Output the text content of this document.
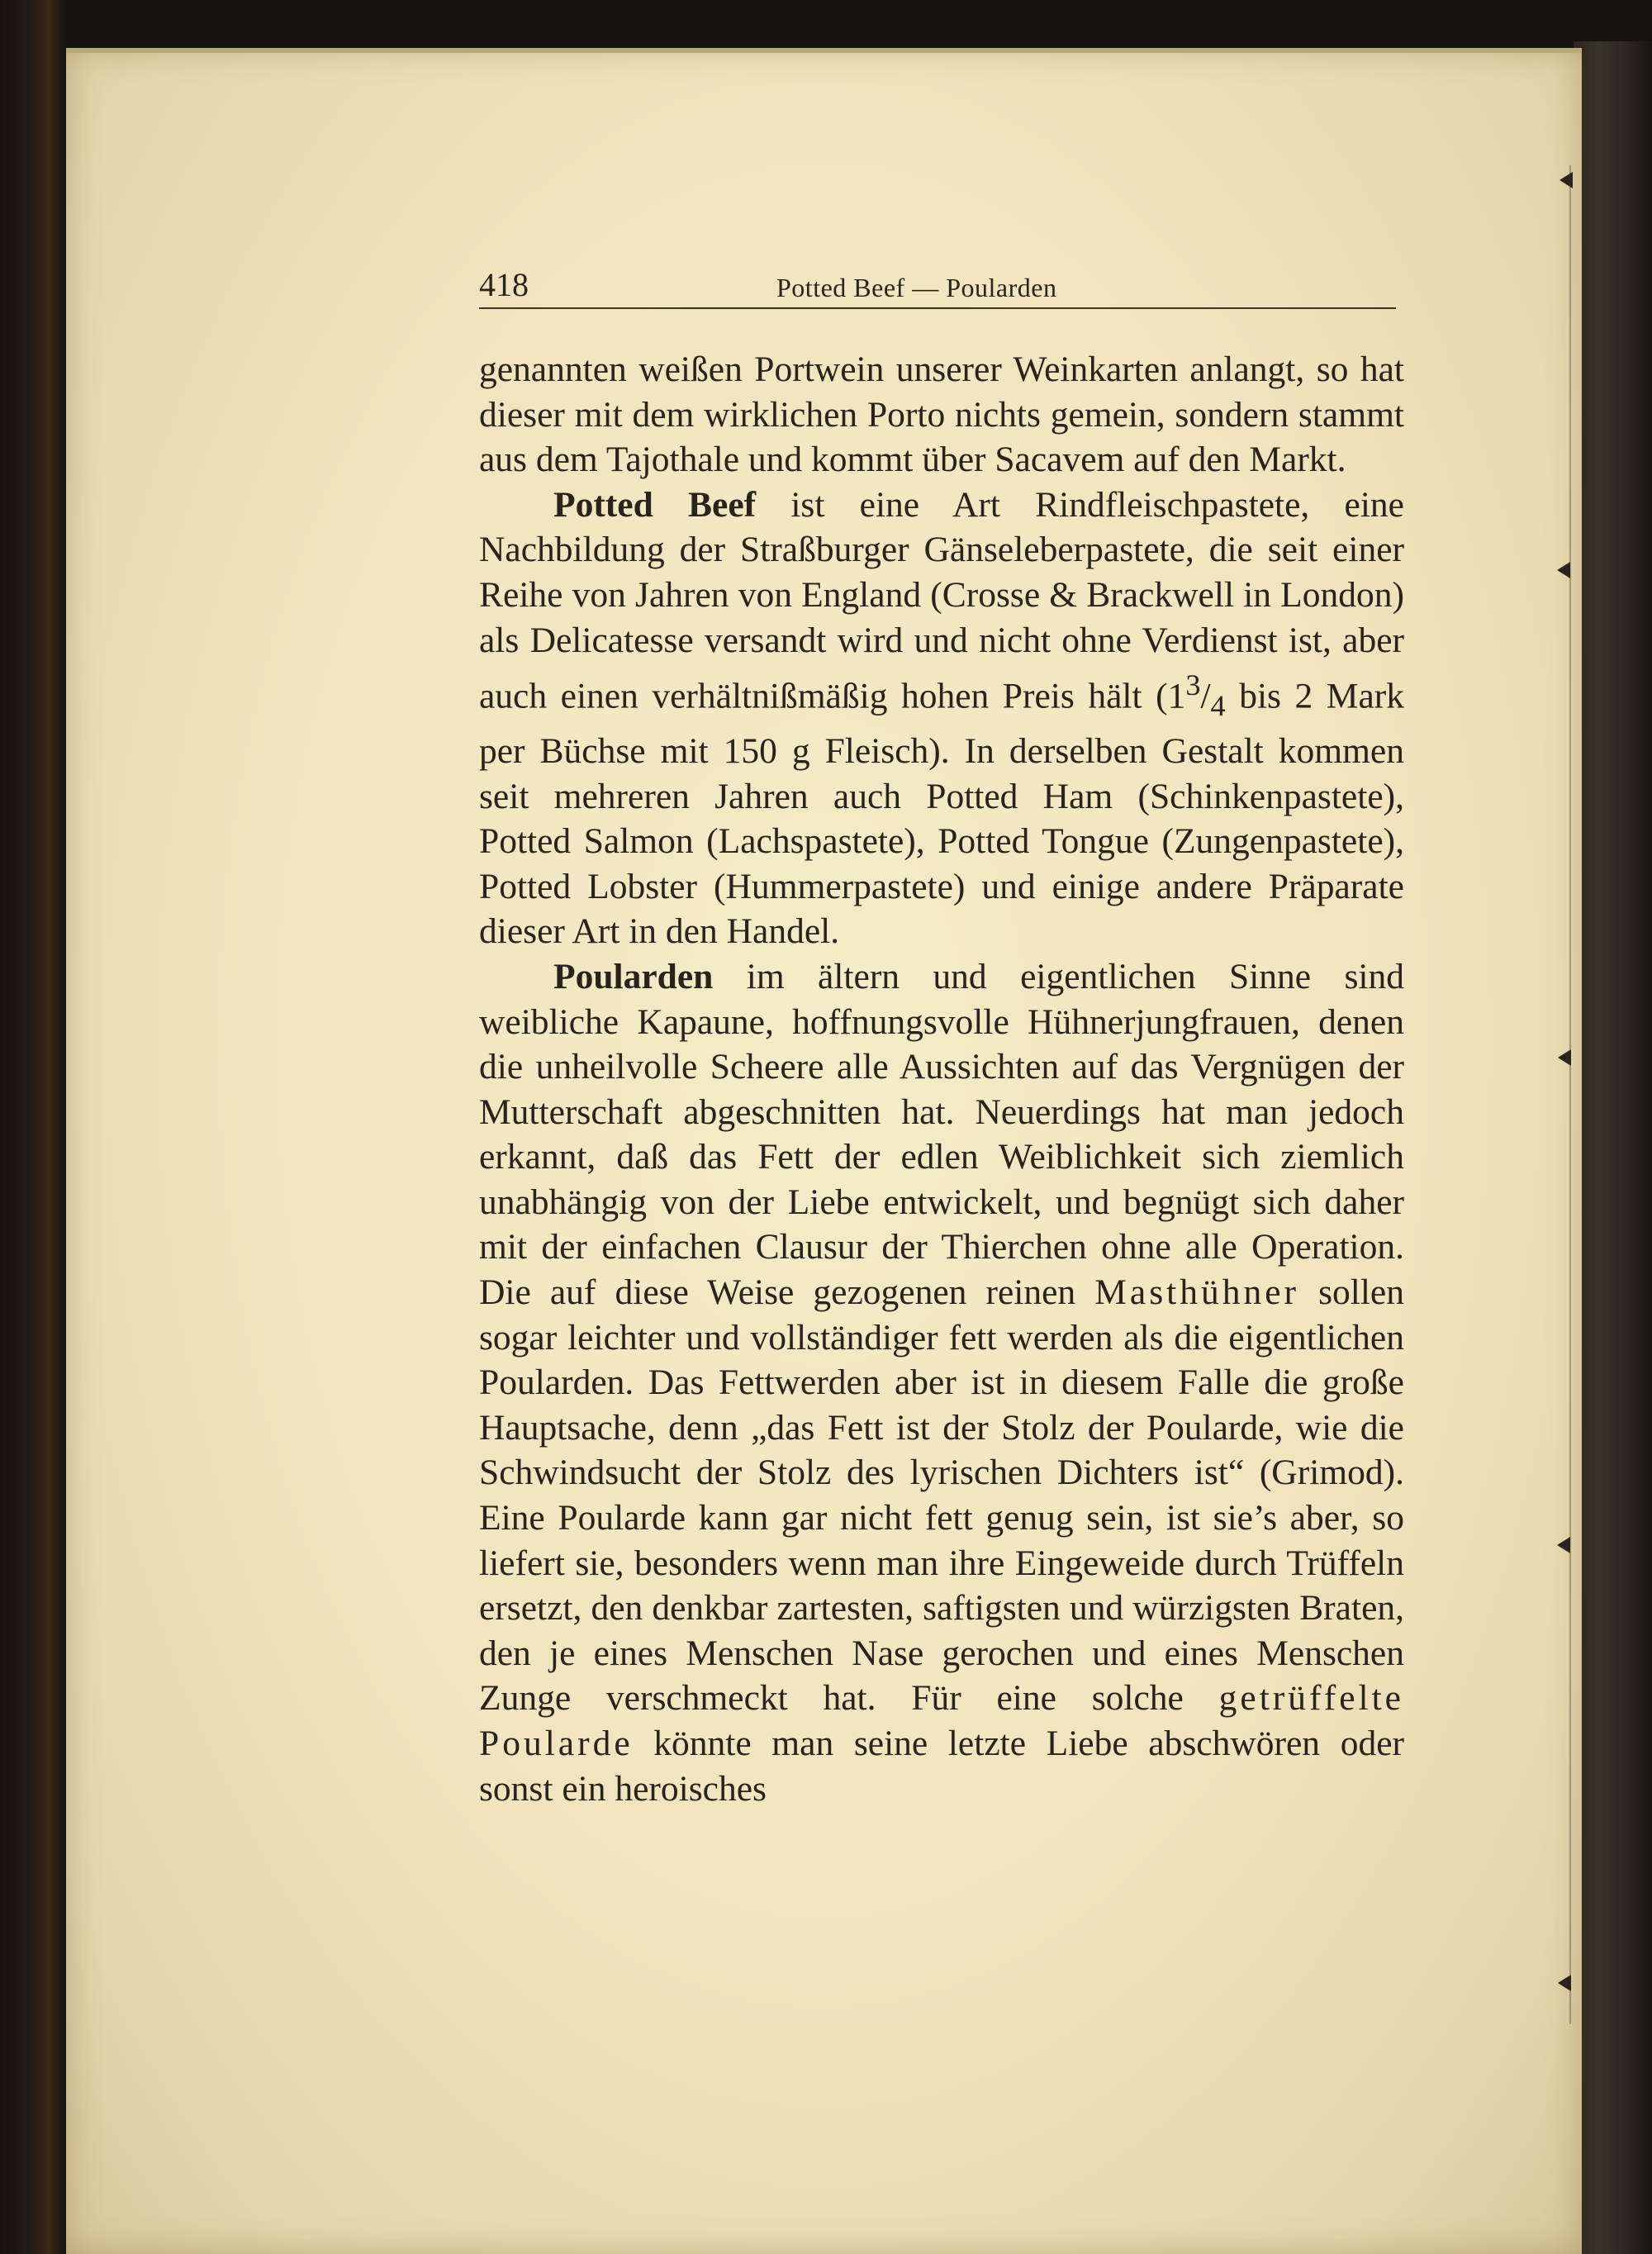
418	Potted Beef — Poularden

genannten weißen Portwein unserer Weinkarten anlangt, so hat dieser mit dem wirklichen Porto nichts gemein, sondern stammt aus dem Tajothale und kommt über Sacavem auf den Markt.

Potted Beef ist eine Art Rindfleischpastete, eine Nachbildung der Straßburger Gänseleberpastete, die seit einer Reihe von Jahren von England (Crosse & Brackwell in London) als Delicatesse versandt wird und nicht ohne Verdienst ist, aber auch einen verhältnißmäßig hohen Preis hält ($1^3/_4$ bis 2 Mark per Büchse mit 150 g Fleisch). In derselben Gestalt kommen seit mehreren Jahren auch Potted Ham (Schinkenpastete), Potted Salmon (Lachspastete), Potted Tongue (Zungenpastete), Potted Lobster (Hummerpastete) und einige andere Präparate dieser Art in den Handel.

Poularden im ältern und eigentlichen Sinne sind weibliche Kapaune, hoffnungsvolle Hühnerjungfrauen, denen die unheilvolle Scheere alle Aussichten auf das Vergnügen der Mutterschaft abgeschnitten hat. Neuerdings hat man jedoch erkannt, daß das Fett der edlen Weiblichkeit sich ziemlich unabhängig von der Liebe entwickelt, und begnügt sich daher mit der einfachen Clausur der Thierchen ohne alle Operation. Die auf diese Weise gezogenen reinen Masthühner sollen sogar leichter und vollständiger fett werden als die eigentlichen Poularden. Das Fettwerden aber ist in diesem Falle die große Hauptsache, denn „das Fett ist der Stolz der Poularde, wie die Schwindsucht der Stolz des lyrischen Dichters ist“ (Grimod). Eine Poularde kann gar nicht fett genug sein, ist sie’s aber, so liefert sie, besonders wenn man ihre Eingeweide durch Trüffeln ersetzt, den denkbar zartesten, saftigsten und würzigsten Braten, den je eines Menschen Nase gerochen und eines Menschen Zunge verschmeckt hat. Für eine solche getrüffelte Poularde könnte man seine letzte Liebe abschwören oder sonst ein heroisches
